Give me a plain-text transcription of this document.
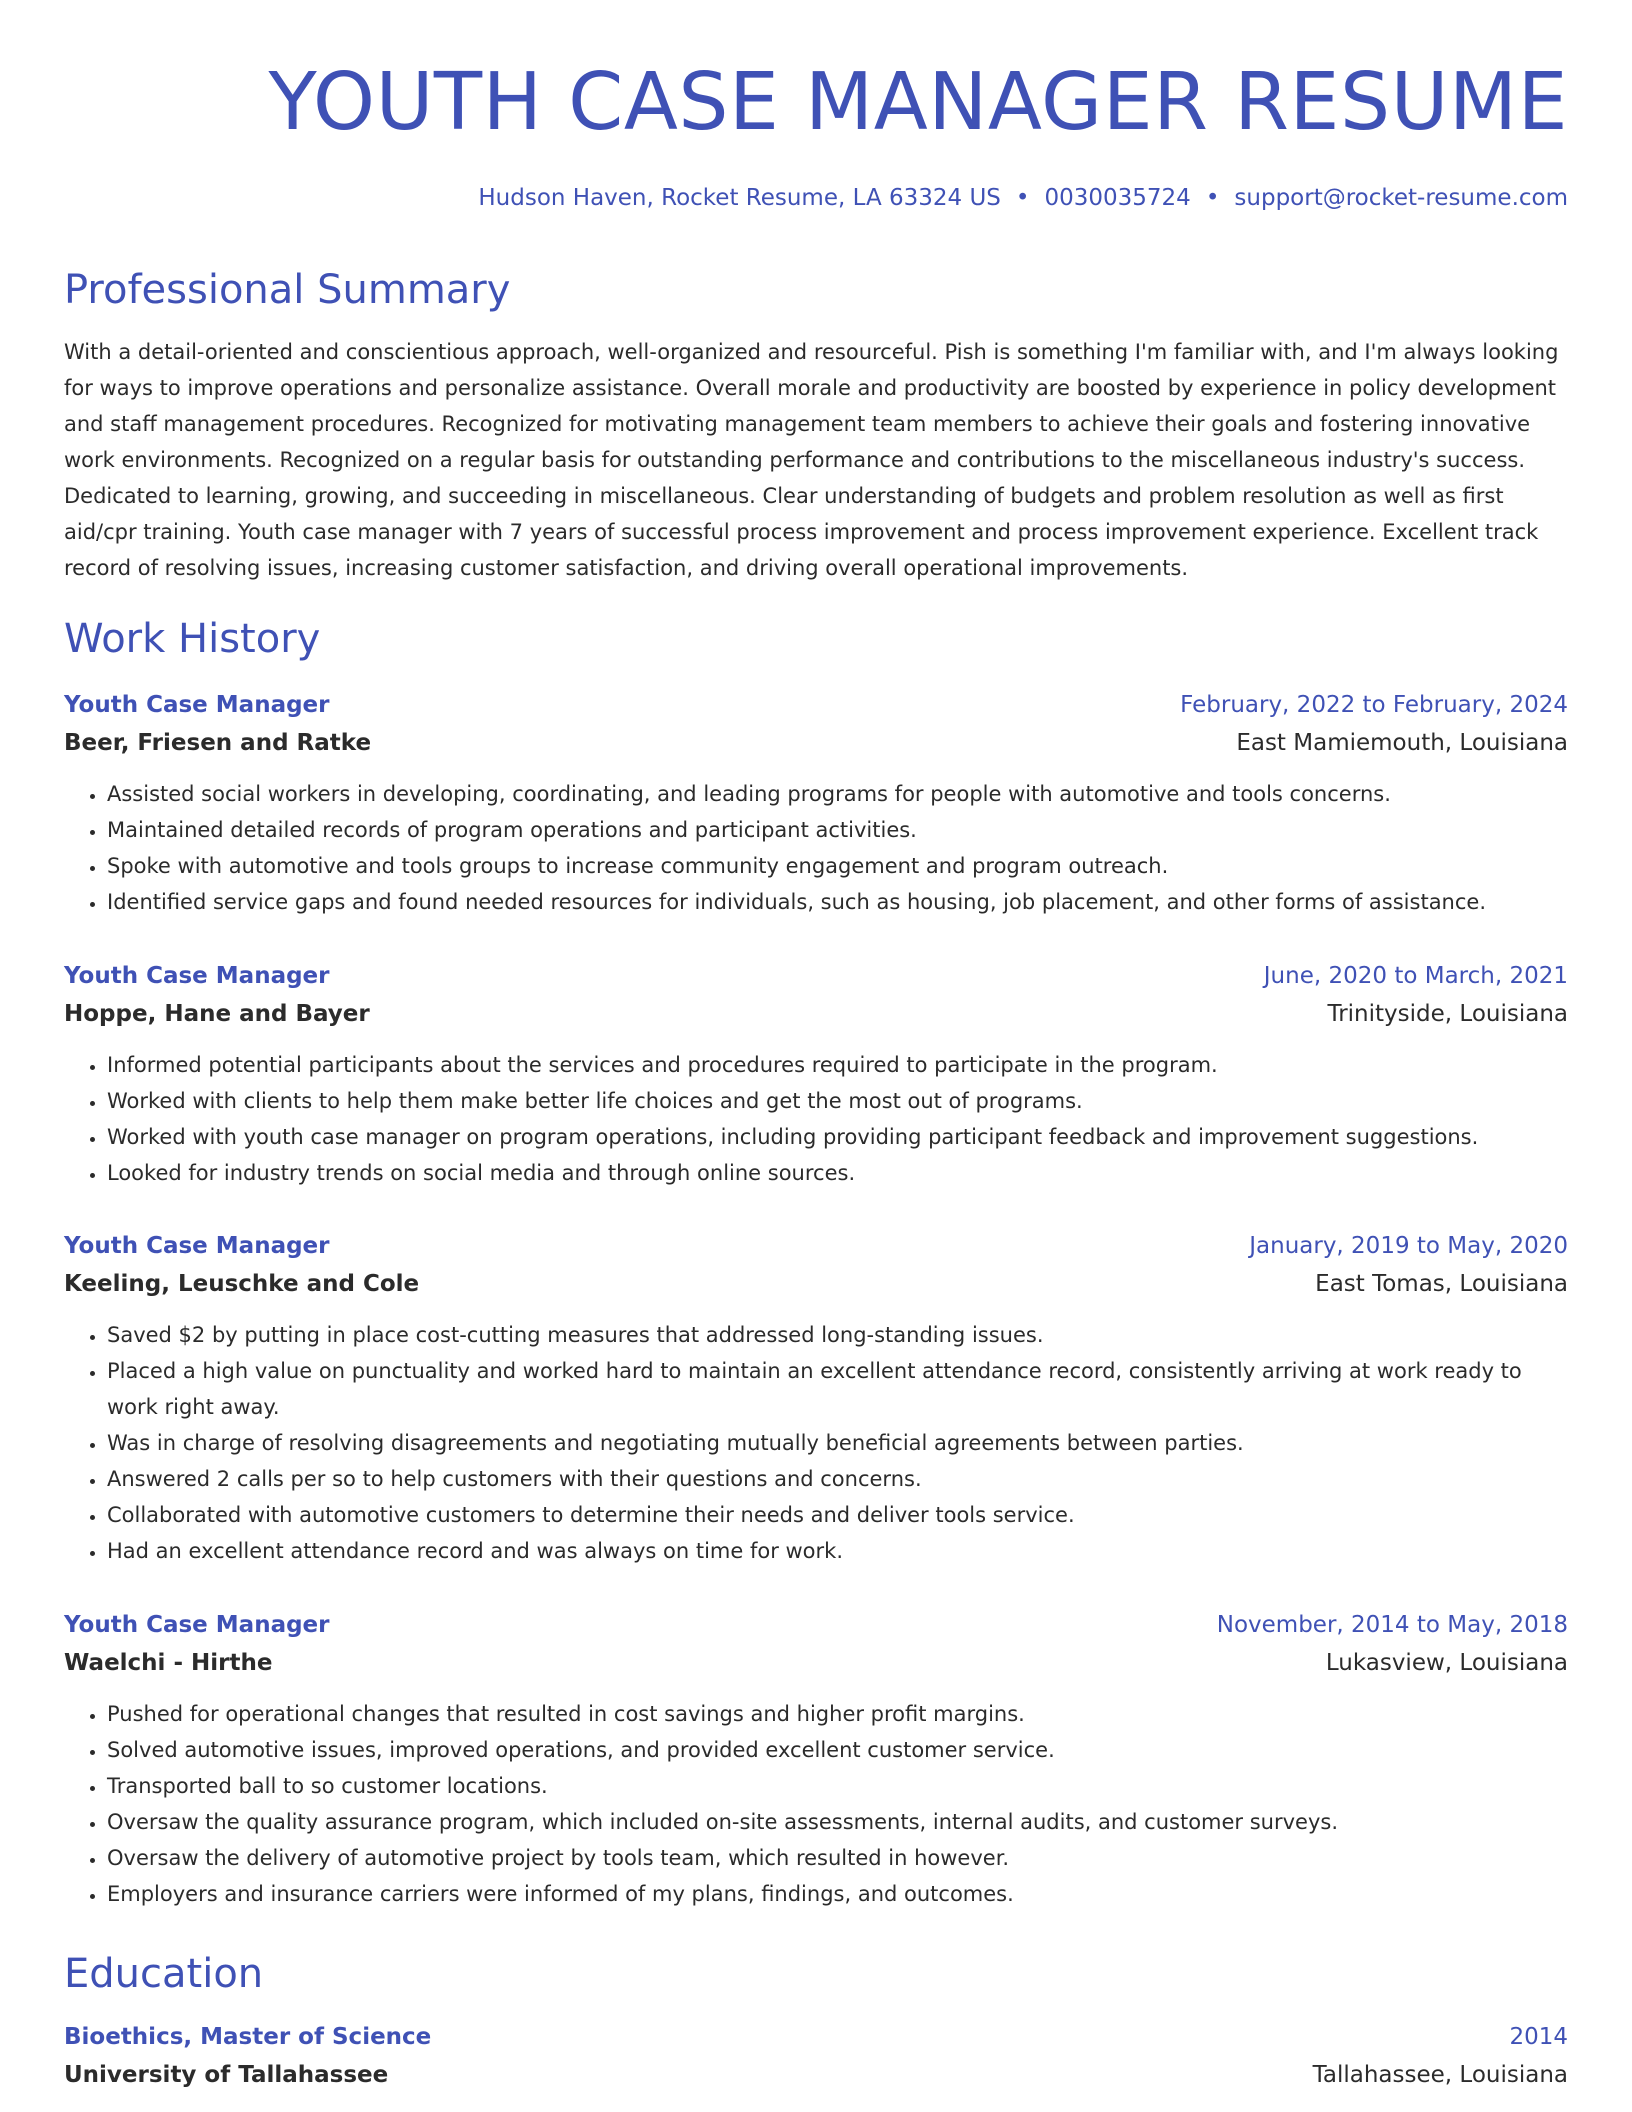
YOUTH CASE MANAGER RESUME
Hudson Haven, Rocket Resume, LA 63324 US • 0030035724 • support@rocket-resume.com
Professional Summary

With a detail-oriented and conscientious approach, well-organized and resourceful. Pish is something I'm familiar with, and I'm always looking for ways to improve operations and personalize assistance. Overall morale and productivity are boosted by experience in policy development and staff management procedures. Recognized for motivating management team members to achieve their goals and fostering innovative work environments. Recognized on a regular basis for outstanding performance and contributions to the miscellaneous industry's success. Dedicated to learning, growing, and succeeding in miscellaneous. Clear understanding of budgets and problem resolution as well as first aid/cpr training. Youth case manager with 7 years of successful process improvement and process improvement experience. Excellent track record of resolving issues, increasing customer satisfaction, and driving overall operational improvements.

Work History
Youth Case Manager	February, 2022 to February, 2024
Beer, Friesen and Ratke	East Mamiemouth, Louisiana
• Assisted social workers in developing, coordinating, and leading programs for people with automotive and tools concerns.
• Maintained detailed records of program operations and participant activities.
• Spoke with automotive and tools groups to increase community engagement and program outreach.
• Identified service gaps and found needed resources for individuals, such as housing, job placement, and other forms of assistance.
Youth Case Manager	June, 2020 to March, 2021
Hoppe, Hane and Bayer	Trinityside, Louisiana
• Informed potential participants about the services and procedures required to participate in the program.
• Worked with clients to help them make better life choices and get the most out of programs.
• Worked with youth case manager on program operations, including providing participant feedback and improvement suggestions.
• Looked for industry trends on social media and through online sources.
Youth Case Manager	January, 2019 to May, 2020
Keeling, Leuschke and Cole	East Tomas, Louisiana
• Saved $2 by putting in place cost-cutting measures that addressed long-standing issues.
• Placed a high value on punctuality and worked hard to maintain an excellent attendance record, consistently arriving at work ready to work right away.
• Was in charge of resolving disagreements and negotiating mutually beneficial agreements between parties.
• Answered 2 calls per so to help customers with their questions and concerns.
• Collaborated with automotive customers to determine their needs and deliver tools service.
• Had an excellent attendance record and was always on time for work.
Youth Case Manager	November, 2014 to May, 2018
Waelchi - Hirthe	Lukasview, Louisiana
• Pushed for operational changes that resulted in cost savings and higher profit margins.
• Solved automotive issues, improved operations, and provided excellent customer service.
• Transported ball to so customer locations.
• Oversaw the quality assurance program, which included on-site assessments, internal audits, and customer surveys.
• Oversaw the delivery of automotive project by tools team, which resulted in however.
• Employers and insurance carriers were informed of my plans, findings, and outcomes.
Education
Bioethics, Master of Science	2014
University of Tallahassee	Tallahassee, Louisiana
